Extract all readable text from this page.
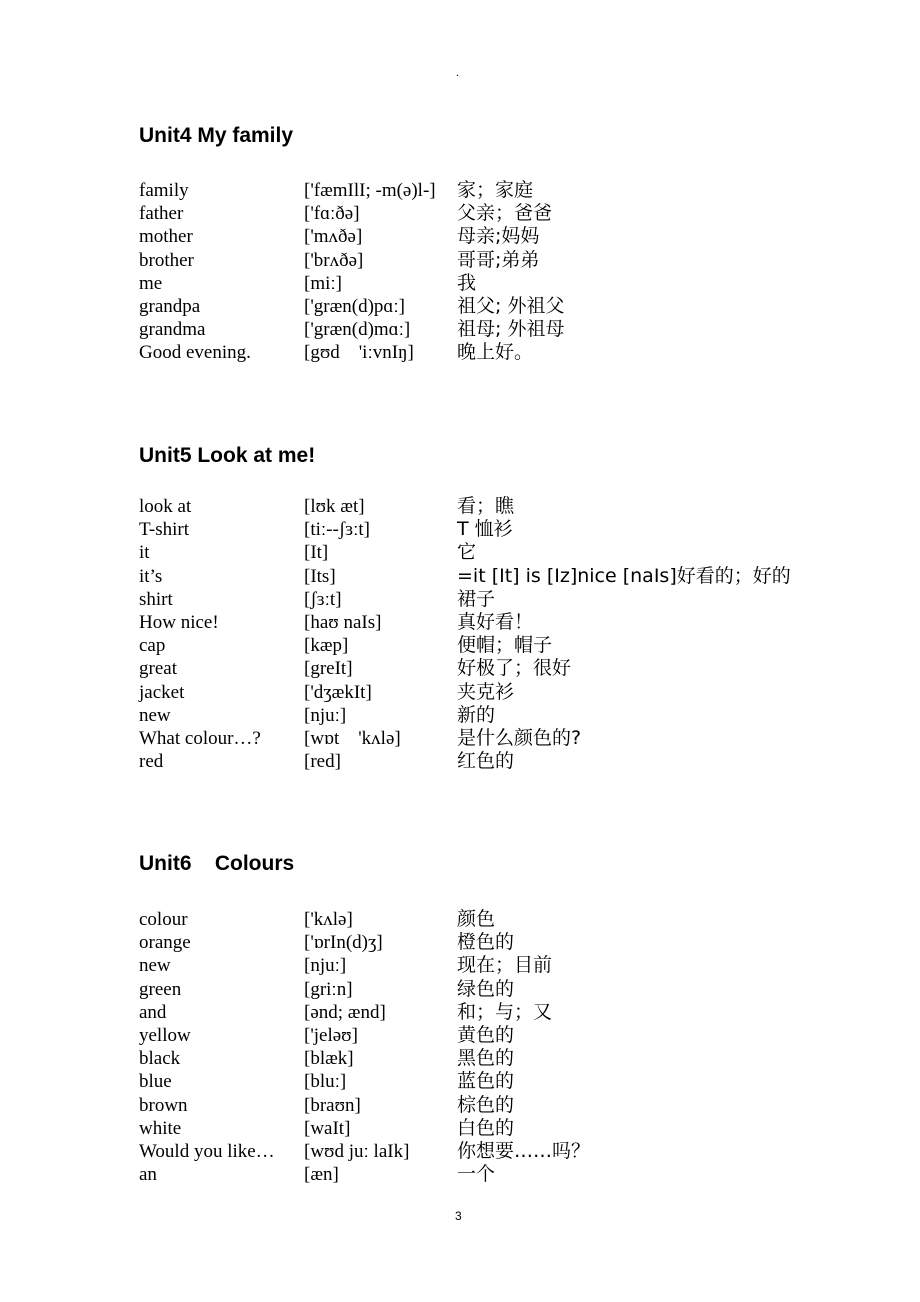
.
Unit4 My family
family	['fæmIlI; -m(ə)l-]	家；家庭
father	['fɑːðə]	父亲；爸爸
mother	['mʌðə]	母亲;妈妈
brother	['brʌðə]	哥哥;弟弟
me	[miː]	我
grandpa	['græn(d)pɑː]	祖父; 外祖父
grandma	['græn(d)mɑː]	祖母; 外祖母
Good evening.	[gʊd    'iːvnIŋ]	晚上好。
Unit5 Look at me!
look at	[lʊk æt]	看；瞧
T-shirt	[tiː--ʃɜːt]	T 恤衫
it	[It]	它
it’s	[Its]	=it [It] is [Iz]nice [naIs]好看的；好的
shirt	[ʃɜːt]	裙子
How nice!	[haʊ naIs]	真好看！
cap	[kæp]	便帽；帽子
great	[greIt]	好极了；很好
jacket	['dʒækIt]	夹克衫
new	[njuː]	新的
What colour…?	[wɒt    'kʌlə]	是什么颜色的?
red	[red]	红色的
Unit6    Colours
colour	['kʌlə]	颜色
orange	['ɒrIn(d)ʒ]	橙色的
new	[njuː]	现在；目前
green	[griːn]	绿色的
and	[ənd; ænd]	和；与；又
yellow	['jeləʊ]	黄色的
black	[blæk]	黑色的
blue	[bluː]	蓝色的
brown	[braʊn]	棕色的
white	[waIt]	白色的
Would you like…	[wʊd juː laIk]	你想要……吗？
an	[æn]	一个
3
